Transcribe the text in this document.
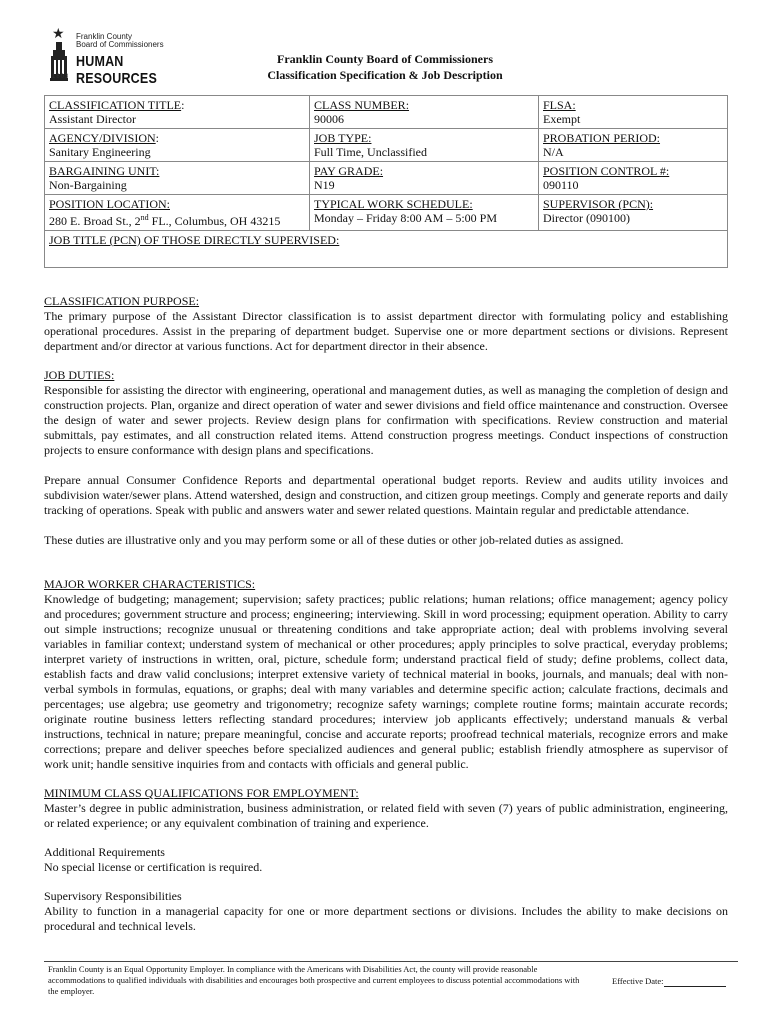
★ Franklin County
Board of Commissioners
HUMAN RESOURCES
1803
Franklin County Board of Commissioners
Classification Specification & Job Description
CLASSIFICATION TITLE:
Assistant Director	CLASS NUMBER:
90006	FLSA:
Exempt
AGENCY/DIVISION:
Sanitary Engineering	JOB TYPE:
Full Time, Unclassified	PROBATION PERIOD:
N/A
BARGAINING UNIT:
Non-Bargaining	PAY GRADE:
N19	POSITION CONTROL #:
090110
POSITION LOCATION:
280 E. Broad St., 2nd FL., Columbus, OH 43215	TYPICAL WORK SCHEDULE:
Monday – Friday 8:00 AM – 5:00 PM	SUPERVISOR (PCN):
Director (090100)
JOB TITLE (PCN) OF THOSE DIRECTLY SUPERVISED:		
CLASSIFICATION PURPOSE:

The primary purpose of the Assistant Director classification is to assist department director with formulating policy and establishing operational procedures. Assist in the preparing of department budget. Supervise one or more department sections or divisions. Represent department and/or director at various functions. Act for department director in their absence.

JOB DUTIES:

Responsible for assisting the director with engineering, operational and management duties, as well as managing the completion of design and construction projects. Plan, organize and direct operation of water and sewer divisions and field office maintenance and construction. Oversee the design of water and sewer projects. Review design plans for confirmation with specifications. Review construction and material submittals, pay estimates, and all construction related items. Attend construction progress meetings. Conduct inspections of construction projects to ensure conformance with design plans and specifications.

Prepare annual Consumer Confidence Reports and departmental operational budget reports. Review and audits utility invoices and subdivision water/sewer plans. Attend watershed, design and construction, and citizen group meetings. Comply and generate reports and daily tracking of operations. Speak with public and answers water and sewer related questions. Maintain regular and predictable attendance.

These duties are illustrative only and you may perform some or all of these duties or other job-related duties as assigned.

MAJOR WORKER CHARACTERISTICS:

Knowledge of budgeting; management; supervision; safety practices; public relations; human relations; office management; agency policy and procedures; government structure and process; engineering; interviewing. Skill in word processing; equipment operation. Ability to carry out simple instructions; recognize unusual or threatening conditions and take appropriate action; deal with problems involving several variables in familiar context; understand system of mechanical or other procedures; apply principles to solve practical, everyday problems; interpret variety of instructions in written, oral, picture, schedule form; understand practical field of study; define problems, collect data, establish facts and draw valid conclusions; interpret extensive variety of technical material in books, journals, and manuals; deal with non-verbal symbols in formulas, equations, or graphs; deal with many variables and determine specific action; calculate fractions, decimals and percentages; use algebra; use geometry and trigonometry; recognize safety warnings; complete routine forms; maintain accurate records; originate routine business letters reflecting standard procedures; interview job applicants effectively; understand manuals & verbal instructions, technical in nature; prepare meaningful, concise and accurate reports; proofread technical materials, recognize errors and make corrections; prepare and deliver speeches before specialized audiences and general public; establish friendly atmosphere as supervisor of work unit; handle sensitive inquiries from and contacts with officials and general public.

MINIMUM CLASS QUALIFICATIONS FOR EMPLOYMENT:

Master’s degree in public administration, business administration, or related field with seven (7) years of public administration, engineering, or related experience; or any equivalent combination of training and experience.

Additional Requirements

No special license or certification is required.

Supervisory Responsibilities

Ability to function in a managerial capacity for one or more department sections or divisions. Includes the ability to make decisions on procedural and technical levels.

Franklin County is an Equal Opportunity Employer. In compliance with the Americans with Disabilities Act, the county will provide reasonable accommodations to qualified individuals with disabilities and encourages both prospective and current employees to discuss potential accommodations with the employer.
Effective Date:
